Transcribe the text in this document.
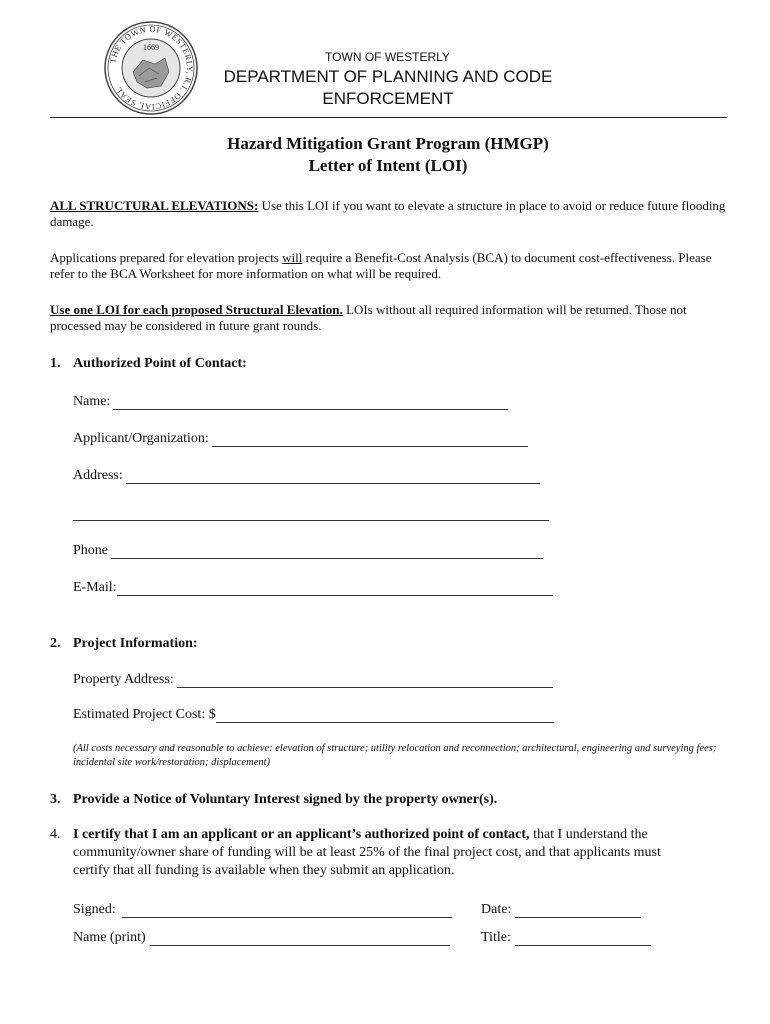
THE TOWN OF WESTERLY, R.I. OFFICIAL SEAL
1669
TOWN OF WESTERLY
DEPARTMENT OF PLANNING AND CODE
ENFORCEMENT
Hazard Mitigation Grant Program (HMGP)
Letter of Intent (LOI)
ALL STRUCTURAL ELEVATIONS: Use this LOI if you want to elevate a structure in place to avoid or reduce future flooding damage.
Applications prepared for elevation projects will require a Benefit-Cost Analysis (BCA) to document cost-effectiveness. Please refer to the BCA Worksheet for more information on what will be required.
Use one LOI for each proposed Structural Elevation. LOIs without all required information will be returned. Those not processed may be considered in future grant rounds.
1. Authorized Point of Contact:
Name:
Applicant/Organization:
Address:
Phone
E-Mail:
2. Project Information:
Property Address:
Estimated Project Cost: $
(All costs necessary and reasonable to achieve: elevation of structure; utility relocation and reconnection; architectural, engineering and surveying fees; incidental site work/restoration; displacement)
3. Provide a Notice of Voluntary Interest signed by the property owner(s).
4. I certify that I am an applicant or an applicant’s authorized point of contact, that I understand the
community/owner share of funding will be at least 25% of the final project cost, and that applicants must
certify that all funding is available when they submit an application.
Signed:	Date:
Name (print)	Title:
